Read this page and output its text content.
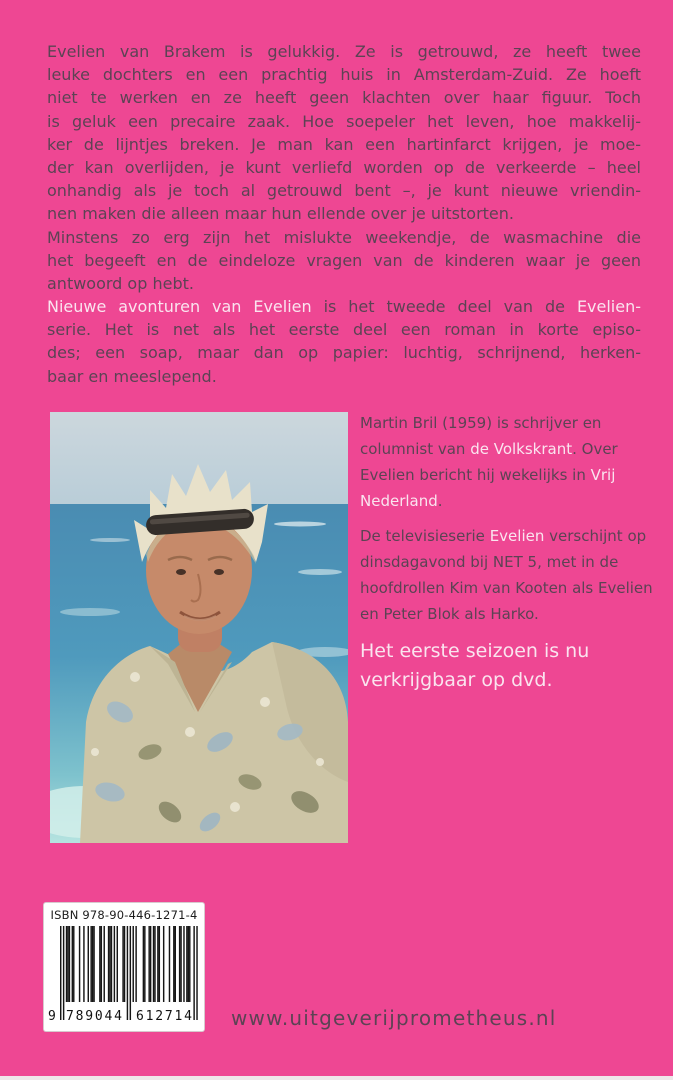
Evelien van Brakem is gelukkig. Ze is getrouwd, ze heeft twee
leuke dochters en een prachtig huis in Amsterdam-Zuid. Ze hoeft
niet te werken en ze heeft geen klachten over haar figuur. Toch
is geluk een precaire zaak. Hoe soepeler het leven, hoe makkelij-
ker de lijntjes breken. Je man kan een hartinfarct krijgen, je moe-
der kan overlijden, je kunt verliefd worden op de verkeerde – heel
onhandig als je toch al getrouwd bent –, je kunt nieuwe vriendin-
nen maken die alleen maar hun ellende over je uitstorten.
Minstens zo erg zijn het mislukte weekendje, de wasmachine die
het begeeft en de eindeloze vragen van de kinderen waar je geen
antwoord op hebt.
Nieuwe avonturen van Evelien is het tweede deel van de Evelien-
serie. Het is net als het eerste deel een roman in korte episo-
des; een soap, maar dan op papier: luchtig, schrijnend, herken-
baar en meeslepend.
Martin Bril (1959) is schrijver en
columnist van de Volkskrant. Over
Evelien bericht hij wekelijks in Vrij
Nederland.
De televisieserie Evelien verschijnt op
dinsdagavond bij NET 5, met in de
hoofdrollen Kim van Kooten als Evelien
en Peter Blok als Harko.
Het eerste seizoen is nu
verkrijgbaar op dvd.
ISBN 978-90-446-1271-4
9 789044 612714 www.uitgeverijprometheus.nl
